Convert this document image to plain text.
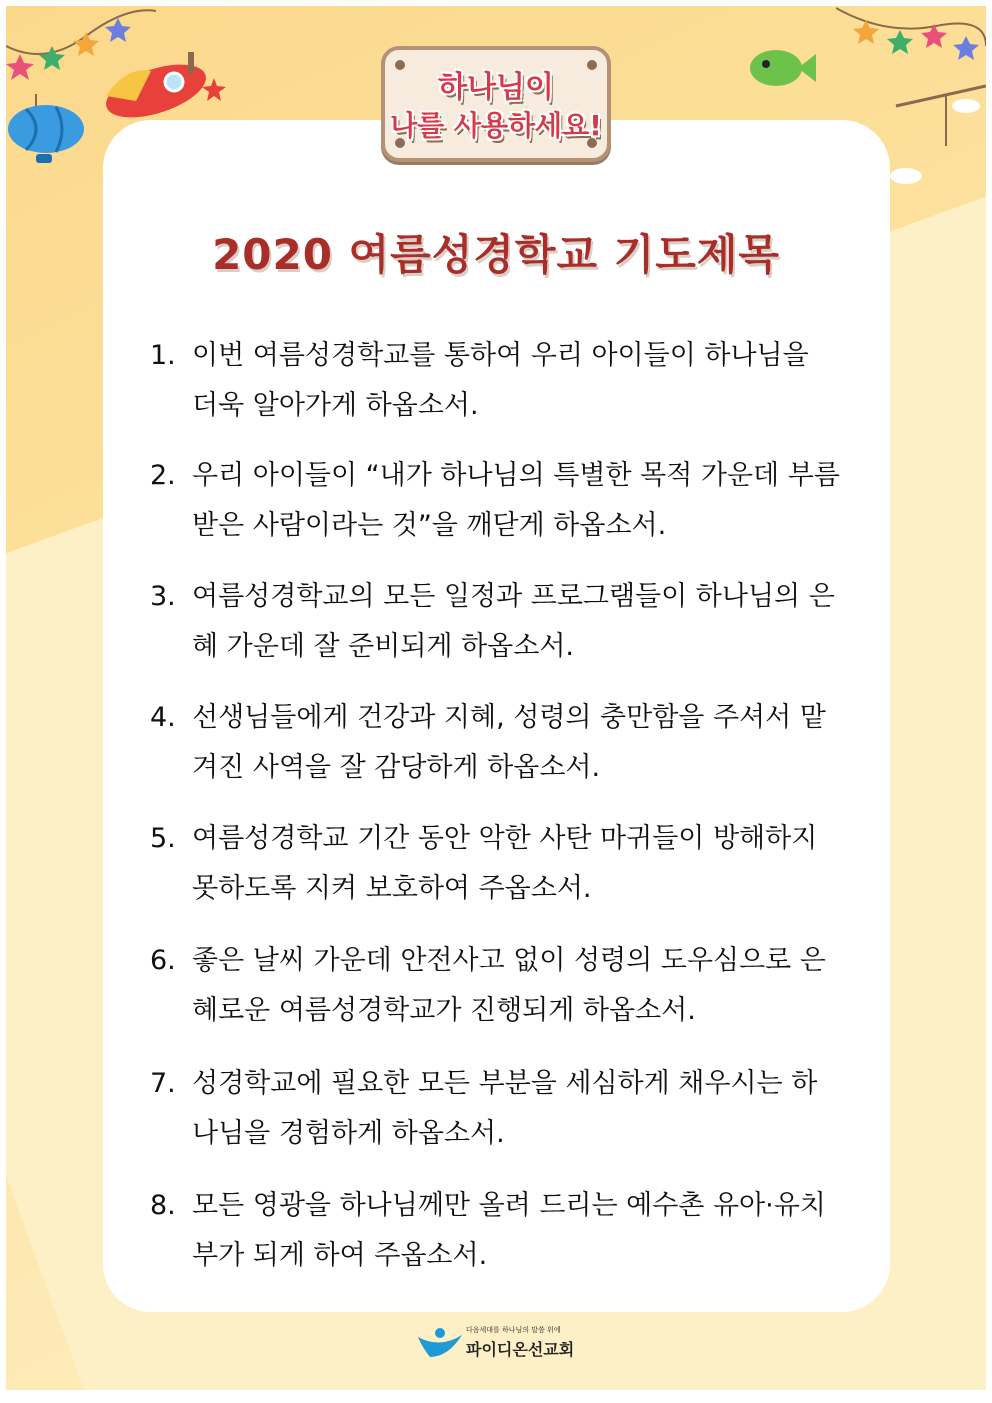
하나님이
나를 사용하세요!
2020 여름성경학교 기도제목
1. 이번 여름성경학교를 통하여 우리 아이들이 하나님을 더욱 알아가게 하옵소서.
2. 우리 아이들이 “내가 하나님의 특별한 목적 가운데 부름 받은 사람이라는 것”을 깨닫게 하옵소서.
3. 여름성경학교의 모든 일정과 프로그램들이 하나님의 은혜 가운데 잘 준비되게 하옵소서.
4. 선생님들에게 건강과 지혜, 성령의 충만함을 주셔서 맡겨진 사역을 잘 감당하게 하옵소서.
5. 여름성경학교 기간 동안 악한 사탄 마귀들이 방해하지 못하도록 지켜 보호하여 주옵소서.
6. 좋은 날씨 가운데 안전사고 없이 성령의 도우심으로 은혜로운 여름성경학교가 진행되게 하옵소서.
7. 성경학교에 필요한 모든 부분을 세심하게 채우시는 하나님을 경험하게 하옵소서.
8. 모든 영광을 하나님께만 올려 드리는 예수촌 유아·유치부가 되게 하여 주옵소서.
다음세대를 하나님의 말씀 위에
파이디온선교회
